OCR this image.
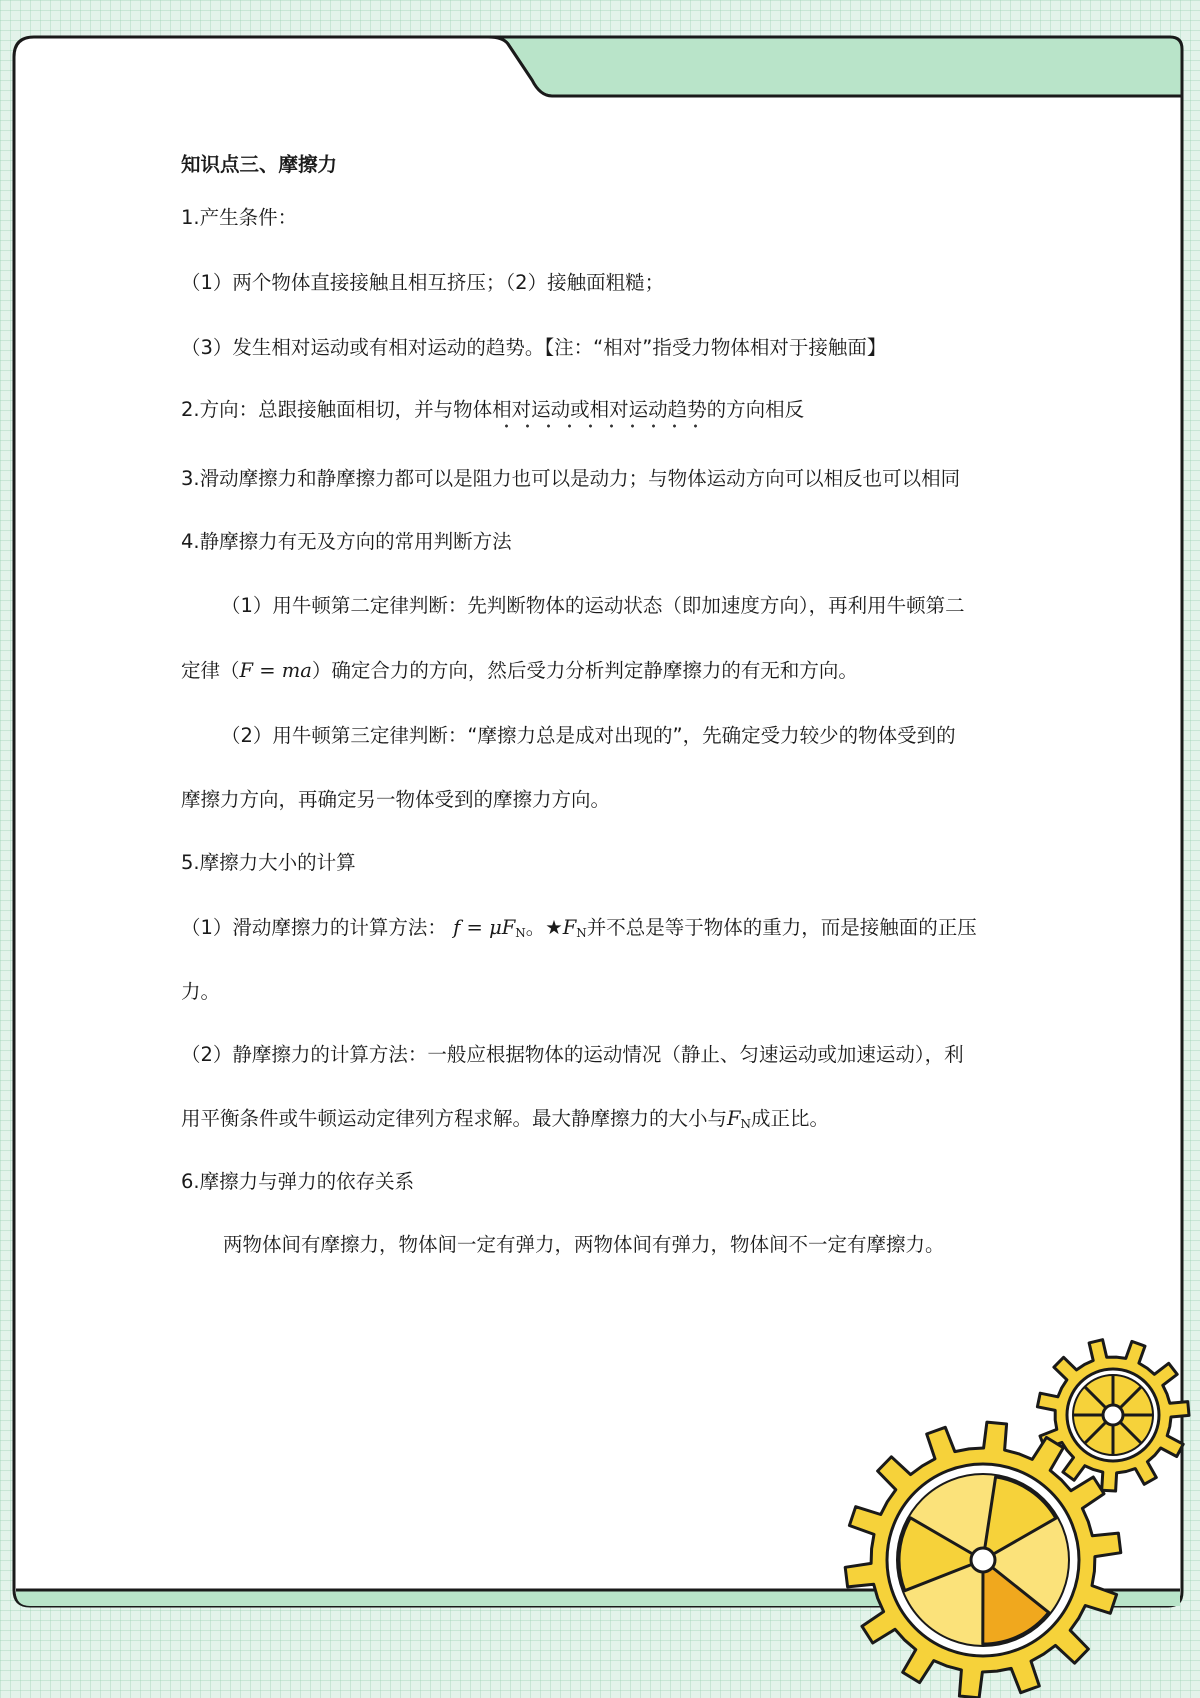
知识点三、摩擦力
1.产生条件：
（1）两个物体直接接触且相互挤压；（2）接触面粗糙；
（3）发生相对运动或有相对运动的趋势。【注：“相对”指受力物体相对于接触面】
2.方向：总跟接触面相切，并与物体相对运动或相对运动趋势的方向相反
3.滑动摩擦力和静摩擦力都可以是阻力也可以是动力；与物体运动方向可以相反也可以相同
4.静摩擦力有无及方向的常用判断方法
（1）用牛顿第二定律判断：先判断物体的运动状态（即加速度方向），再利用牛顿第二
定律（F = ma）确定合力的方向，然后受力分析判定静摩擦力的有无和方向。
（2）用牛顿第三定律判断：“摩擦力总是成对出现的”，先确定受力较少的物体受到的
摩擦力方向，再确定另一物体受到的摩擦力方向。
5.摩擦力大小的计算
（1）滑动摩擦力的计算方法： $f = \mu F_N$。$★F_N$并不总是等于物体的重力，而是接触面的正压
力。
（2）静摩擦力的计算方法：一般应根据物体的运动情况（静止、匀速运动或加速运动），利
用平衡条件或牛顿运动定律列方程求解。最大静摩擦力的大小与$F_N$成正比。
6.摩擦力与弹力的依存关系
两物体间有摩擦力，物体间一定有弹力，两物体间有弹力，物体间不一定有摩擦力。
